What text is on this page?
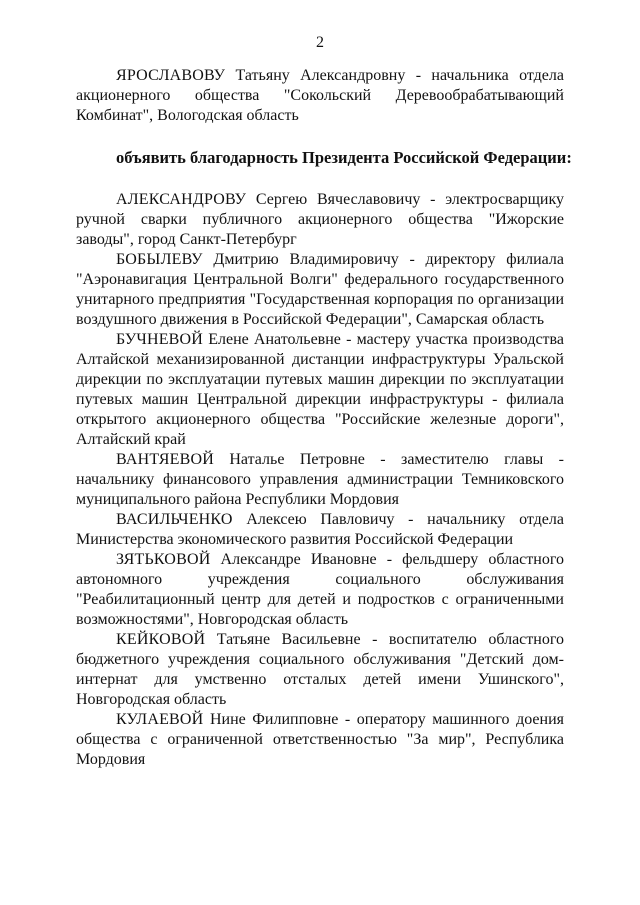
2

ЯРОСЛАВОВУ Татьяну Александровну - начальника отдела акционерного общества "Сокольский Деревообрабатывающий Комбинат", Вологодская область

объявить благодарность Президента Российской Федерации:

АЛЕКСАНДРОВУ Сергею Вячеславовичу - электросварщику ручной сварки публичного акционерного общества "Ижорские заводы", город Санкт-Петербург

БОБЫЛЕВУ Дмитрию Владимировичу - директору филиала "Аэронавигация Центральной Волги" федерального государственного унитарного предприятия "Государственная корпорация по организации воздушного движения в Российской Федерации", Самарская область

БУЧНЕВОЙ Елене Анатольевне - мастеру участка производства Алтайской механизированной дистанции инфраструктуры Уральской дирекции по эксплуатации путевых машин дирекции по эксплуатации путевых машин Центральной дирекции инфраструктуры - филиала открытого акционерного общества "Российские железные дороги", Алтайский край

ВАНТЯЕВОЙ Наталье Петровне - заместителю главы - начальнику финансового управления администрации Темниковского муниципального района Республики Мордовия

ВАСИЛЬЧЕНКО Алексею Павловичу - начальнику отдела Министерства экономического развития Российской Федерации

ЗЯТЬКОВОЙ Александре Ивановне - фельдшеру областного автономного учреждения социального обслуживания "Реабилитационный центр для детей и подростков с ограниченными возможностями", Новгородская область

КЕЙКОВОЙ Татьяне Васильевне - воспитателю областного бюджетного учреждения социального обслуживания "Детский дом-интернат для умственно отсталых детей имени Ушинского", Новгородская область

КУЛАЕВОЙ Нине Филипповне - оператору машинного доения общества с ограниченной ответственностью "За мир", Республика Мордовия
